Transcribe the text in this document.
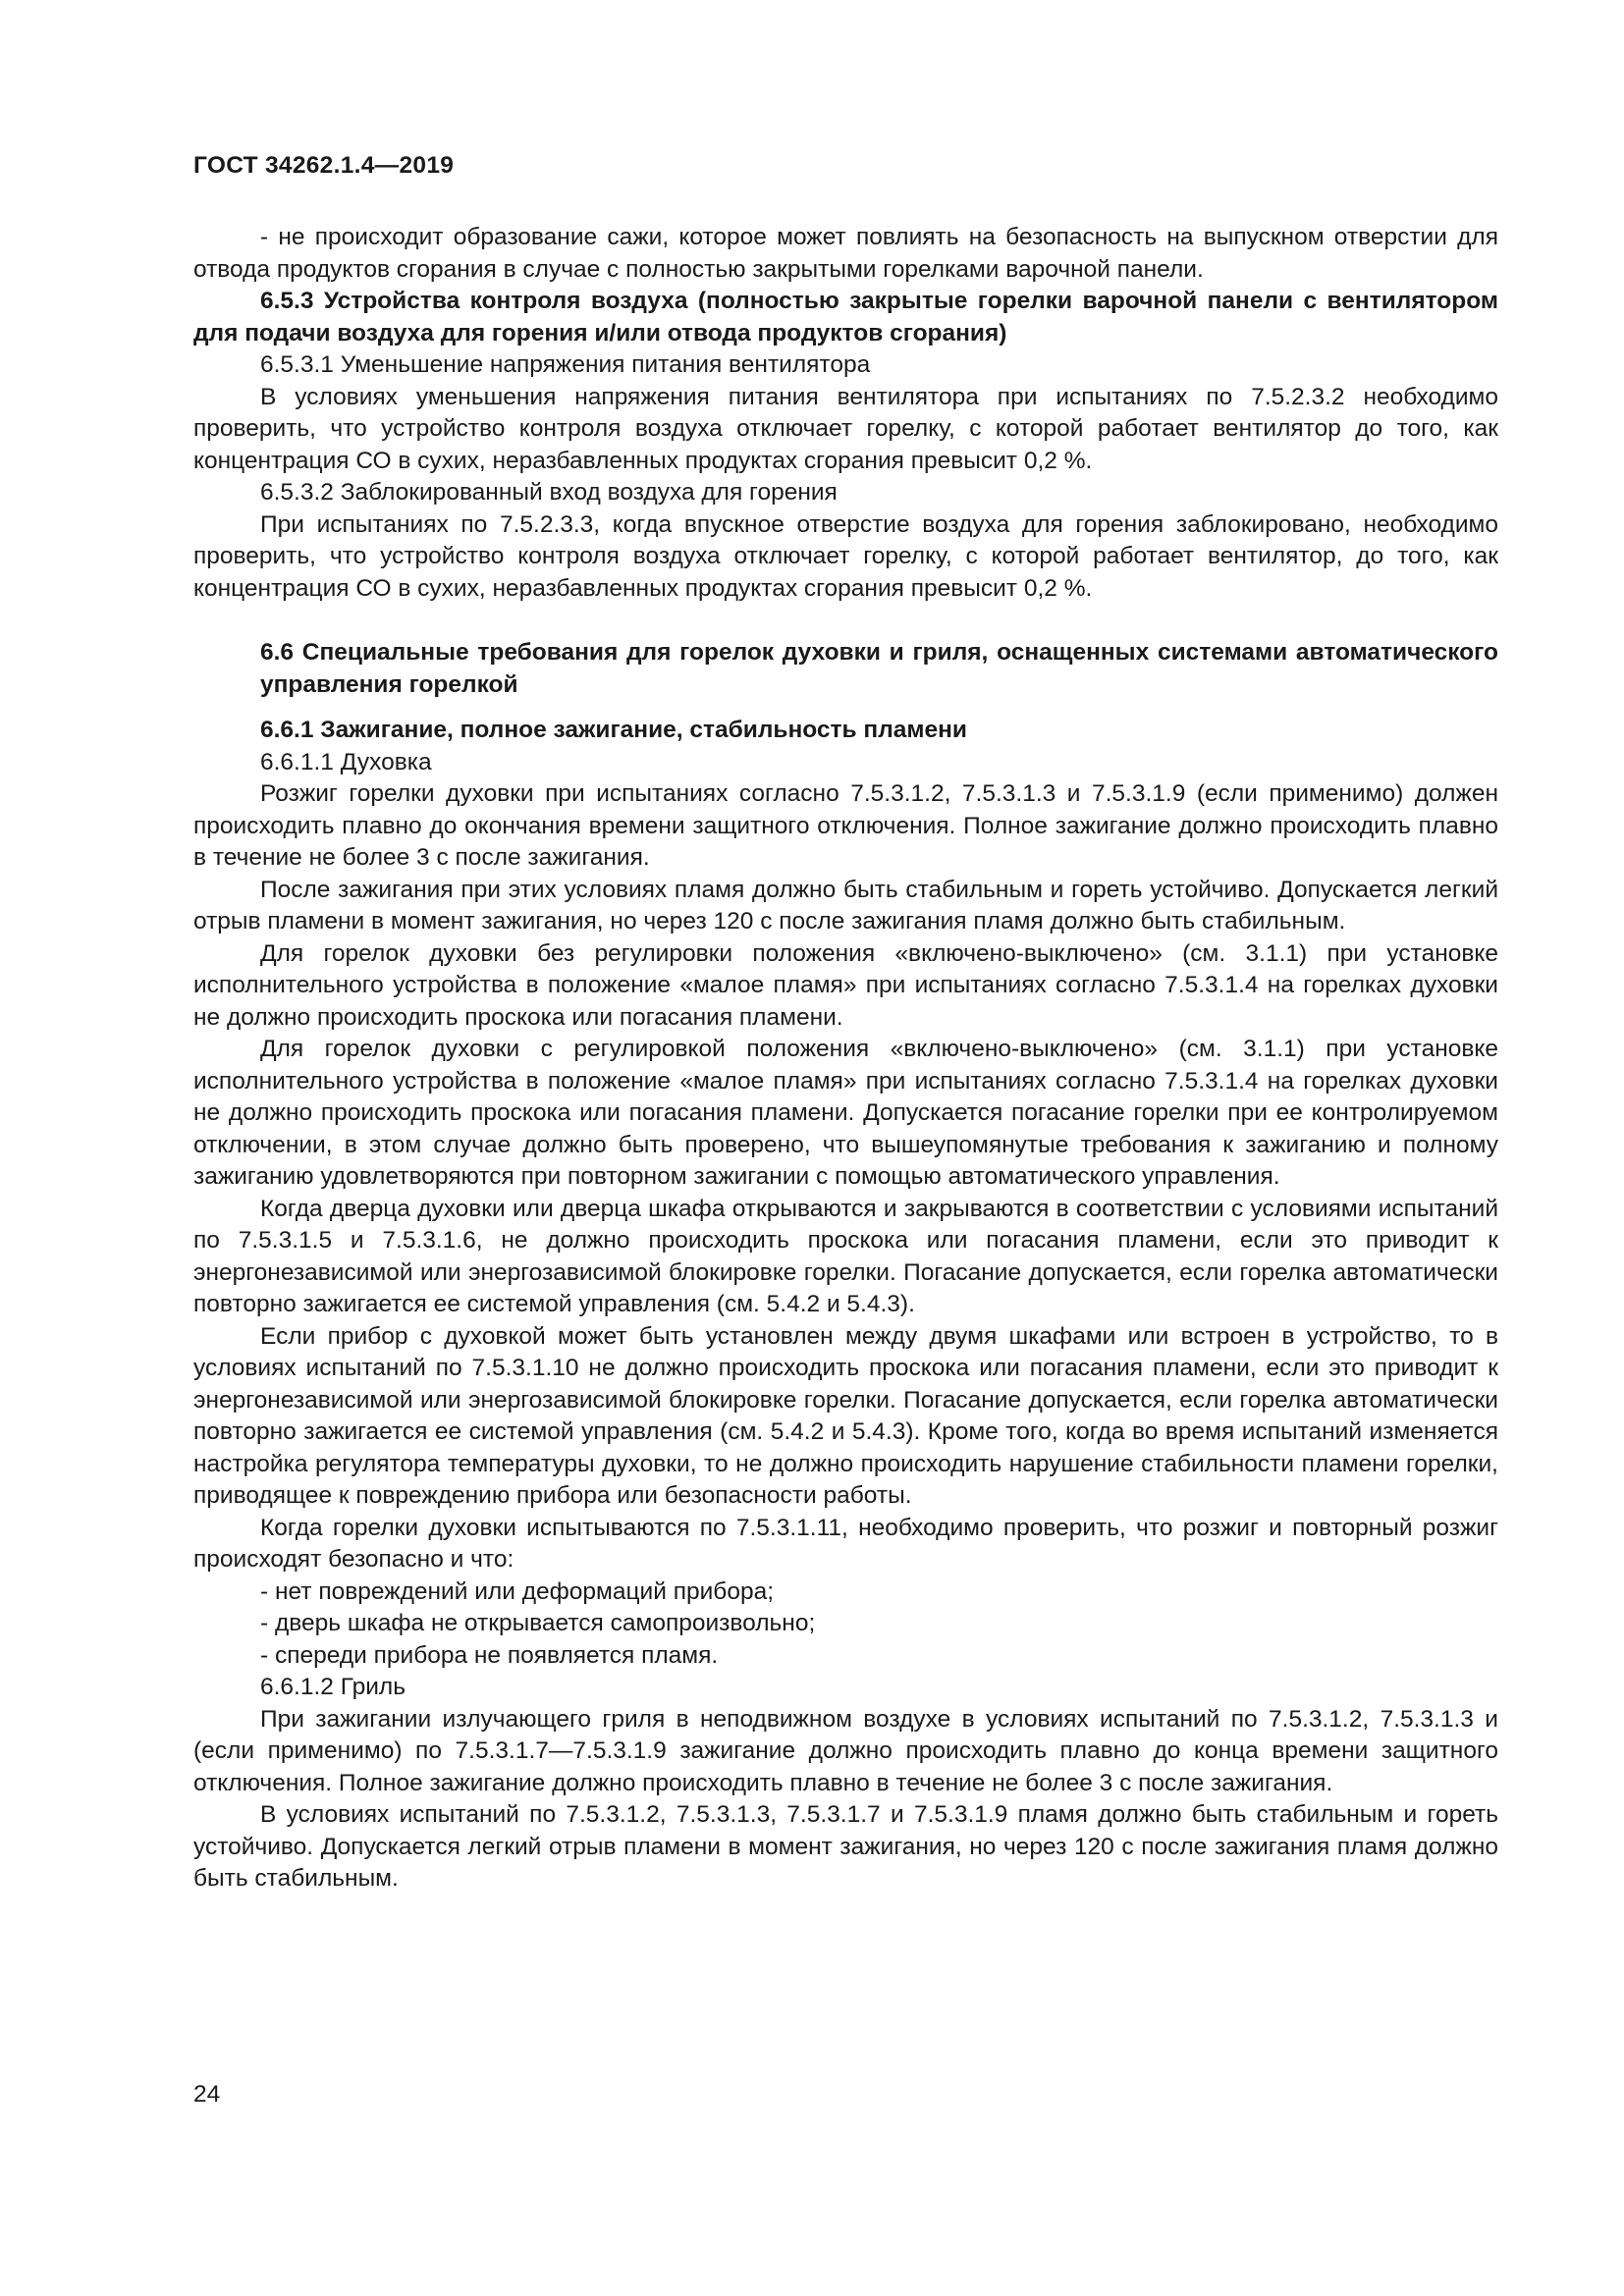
ГОСТ 34262.1.4—2019

- не происходит образование сажи, которое может повлиять на безопасность на выпускном отверстии для отвода продуктов сгорания в случае с полностью закрытыми горелками варочной панели.

6.5.3 Устройства контроля воздуха (полностью закрытые горелки варочной панели с вентилятором для подачи воздуха для горения и/или отвода продуктов сгорания)

6.5.3.1 Уменьшение напряжения питания вентилятора

В условиях уменьшения напряжения питания вентилятора при испытаниях по 7.5.2.3.2 необходимо проверить, что устройство контроля воздуха отключает горелку, с которой работает вентилятор до того, как концентрация СО в сухих, неразбавленных продуктах сгорания превысит 0,2 %.

6.5.3.2 Заблокированный вход воздуха для горения

При испытаниях по 7.5.2.3.3, когда впускное отверстие воздуха для горения заблокировано, необходимо проверить, что устройство контроля воздуха отключает горелку, с которой работает вентилятор, до того, как концентрация СО в сухих, неразбавленных продуктах сгорания превысит 0,2 %.

6.6 Специальные требования для горелок духовки и гриля, оснащенных системами автоматического управления горелкой

6.6.1 Зажигание, полное зажигание, стабильность пламени

6.6.1.1 Духовка

Розжиг горелки духовки при испытаниях согласно 7.5.3.1.2, 7.5.3.1.3 и 7.5.3.1.9 (если применимо) должен происходить плавно до окончания времени защитного отключения. Полное зажигание должно происходить плавно в течение не более 3 с после зажигания.

После зажигания при этих условиях пламя должно быть стабильным и гореть устойчиво. Допускается легкий отрыв пламени в момент зажигания, но через 120 с после зажигания пламя должно быть стабильным.

Для горелок духовки без регулировки положения «включено-выключено» (см. 3.1.1) при установке исполнительного устройства в положение «малое пламя» при испытаниях согласно 7.5.3.1.4 на горелках духовки не должно происходить проскока или погасания пламени.

Для горелок духовки с регулировкой положения «включено-выключено» (см. 3.1.1) при установке исполнительного устройства в положение «малое пламя» при испытаниях согласно 7.5.3.1.4 на горелках духовки не должно происходить проскока или погасания пламени. Допускается погасание горелки при ее контролируемом отключении, в этом случае должно быть проверено, что вышеупомянутые требования к зажиганию и полному зажиганию удовлетворяются при повторном зажигании с помощью автоматического управления.

Когда дверца духовки или дверца шкафа открываются и закрываются в соответствии с условиями испытаний по 7.5.3.1.5 и 7.5.3.1.6, не должно происходить проскока или погасания пламени, если это приводит к энергонезависимой или энергозависимой блокировке горелки. Погасание допускается, если горелка автоматически повторно зажигается ее системой управления (см. 5.4.2 и 5.4.3).

Если прибор с духовкой может быть установлен между двумя шкафами или встроен в устройство, то в условиях испытаний по 7.5.3.1.10 не должно происходить проскока или погасания пламени, если это приводит к энергонезависимой или энергозависимой блокировке горелки. Погасание допускается, если горелка автоматически повторно зажигается ее системой управления (см. 5.4.2 и 5.4.3). Кроме того, когда во время испытаний изменяется настройка регулятора температуры духовки, то не должно происходить нарушение стабильности пламени горелки, приводящее к повреждению прибора или безопасности работы.

Когда горелки духовки испытываются по 7.5.3.1.11, необходимо проверить, что розжиг и повторный розжиг происходят безопасно и что:

- нет повреждений или деформаций прибора;

- дверь шкафа не открывается самопроизвольно;

- спереди прибора не появляется пламя.

6.6.1.2 Гриль

При зажигании излучающего гриля в неподвижном воздухе в условиях испытаний по 7.5.3.1.2, 7.5.3.1.3 и (если применимо) по 7.5.3.1.7—7.5.3.1.9 зажигание должно происходить плавно до конца времени защитного отключения. Полное зажигание должно происходить плавно в течение не более 3 с после зажигания.

В условиях испытаний по 7.5.3.1.2, 7.5.3.1.3, 7.5.3.1.7 и 7.5.3.1.9 пламя должно быть стабильным и гореть устойчиво. Допускается легкий отрыв пламени в момент зажигания, но через 120 с после зажигания пламя должно быть стабильным.

24
